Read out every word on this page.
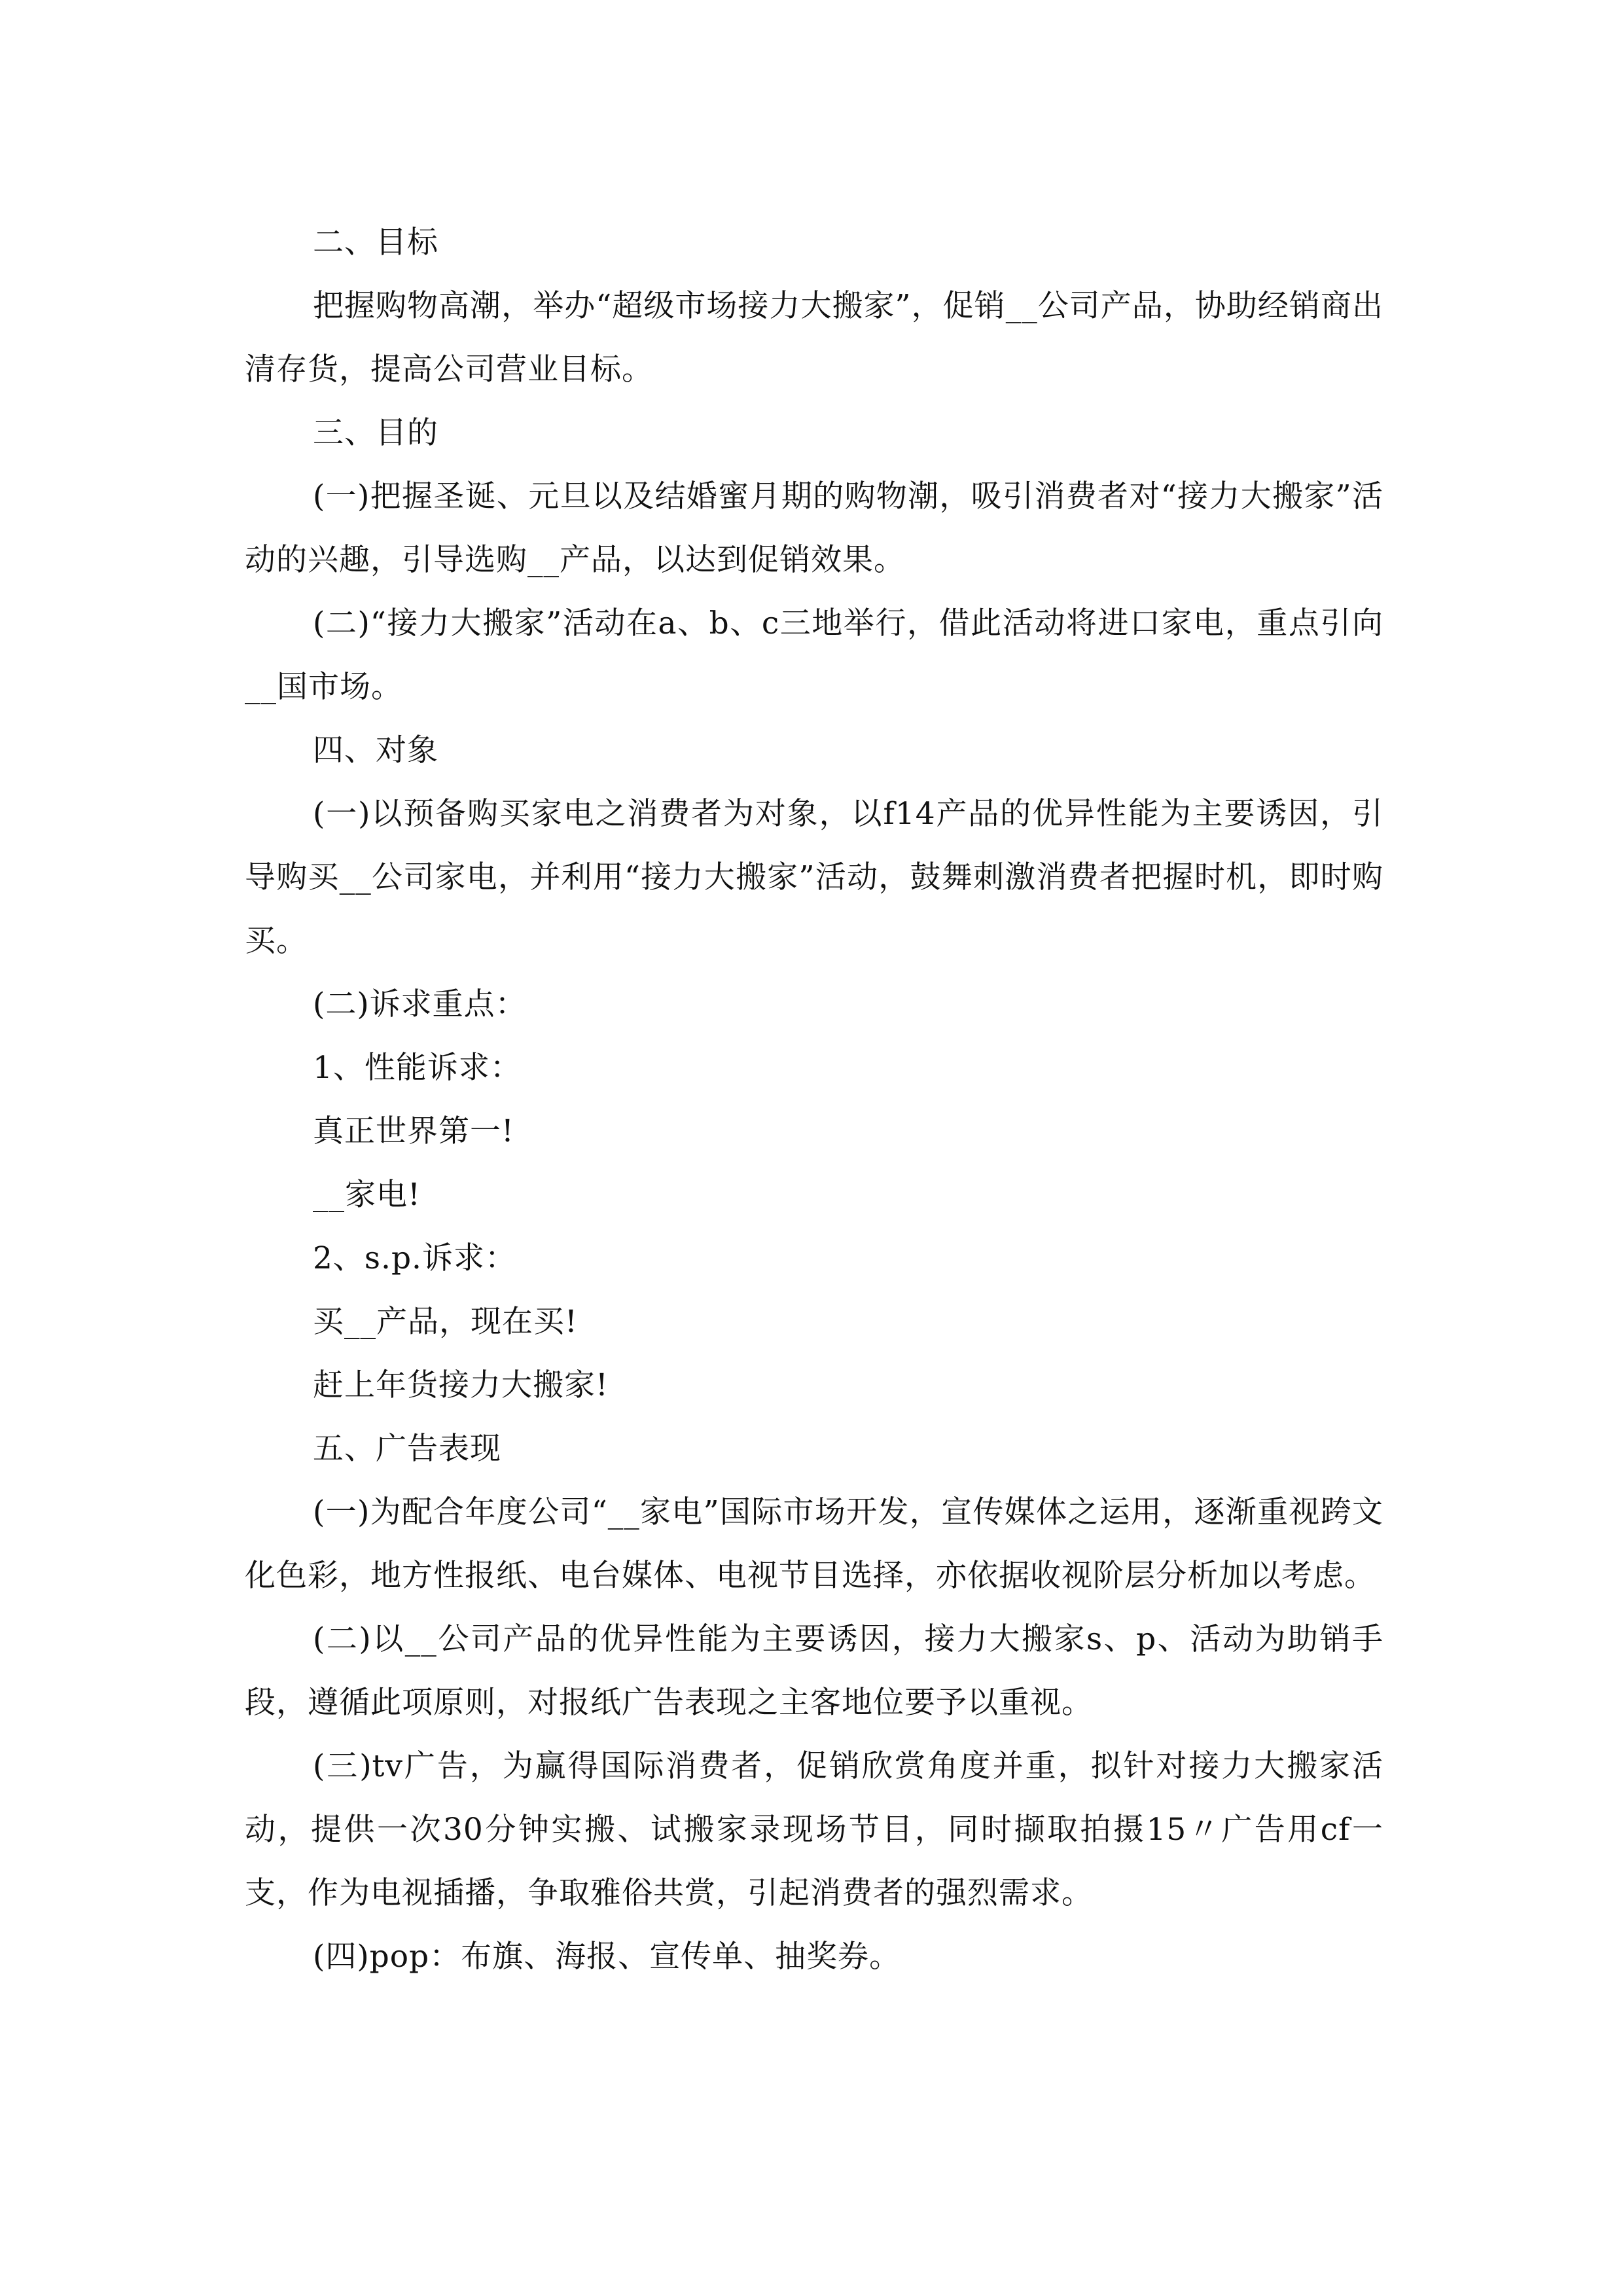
二、目标

把握购物高潮，举办“超级市场接力大搬家”，促销__公司产品，协助经销商出清存货，提高公司营业目标。

三、目的

(一)把握圣诞、元旦以及结婚蜜月期的购物潮，吸引消费者对“接力大搬家”活动的兴趣，引导选购__产品，以达到促销效果。

(二)“接力大搬家”活动在a、b、c三地举行，借此活动将进口家电，重点引向__国市场。

四、对象

(一)以预备购买家电之消费者为对象，以f14产品的优异性能为主要诱因，引导购买__公司家电，并利用“接力大搬家”活动，鼓舞刺激消费者把握时机，即时购买。

(二)诉求重点：

1、性能诉求：

真正世界第一!

__家电!

2、s.p.诉求：

买__产品，现在买!

赶上年货接力大搬家!

五、广告表现

(一)为配合年度公司“__家电”国际市场开发，宣传媒体之运用，逐渐重视跨文化色彩，地方性报纸、电台媒体、电视节目选择，亦依据收视阶层分析加以考虑。

(二)以__公司产品的优异性能为主要诱因，接力大搬家s、p、活动为助销手段，遵循此项原则，对报纸广告表现之主客地位要予以重视。

(三)tv广告，为赢得国际消费者，促销欣赏角度并重，拟针对接力大搬家活动，提供一次30分钟实搬、试搬家录现场节目，同时撷取拍摄15〃广告用cf一支，作为电视插播，争取雅俗共赏，引起消费者的强烈需求。

(四)pop：布旗、海报、宣传单、抽奖券。
